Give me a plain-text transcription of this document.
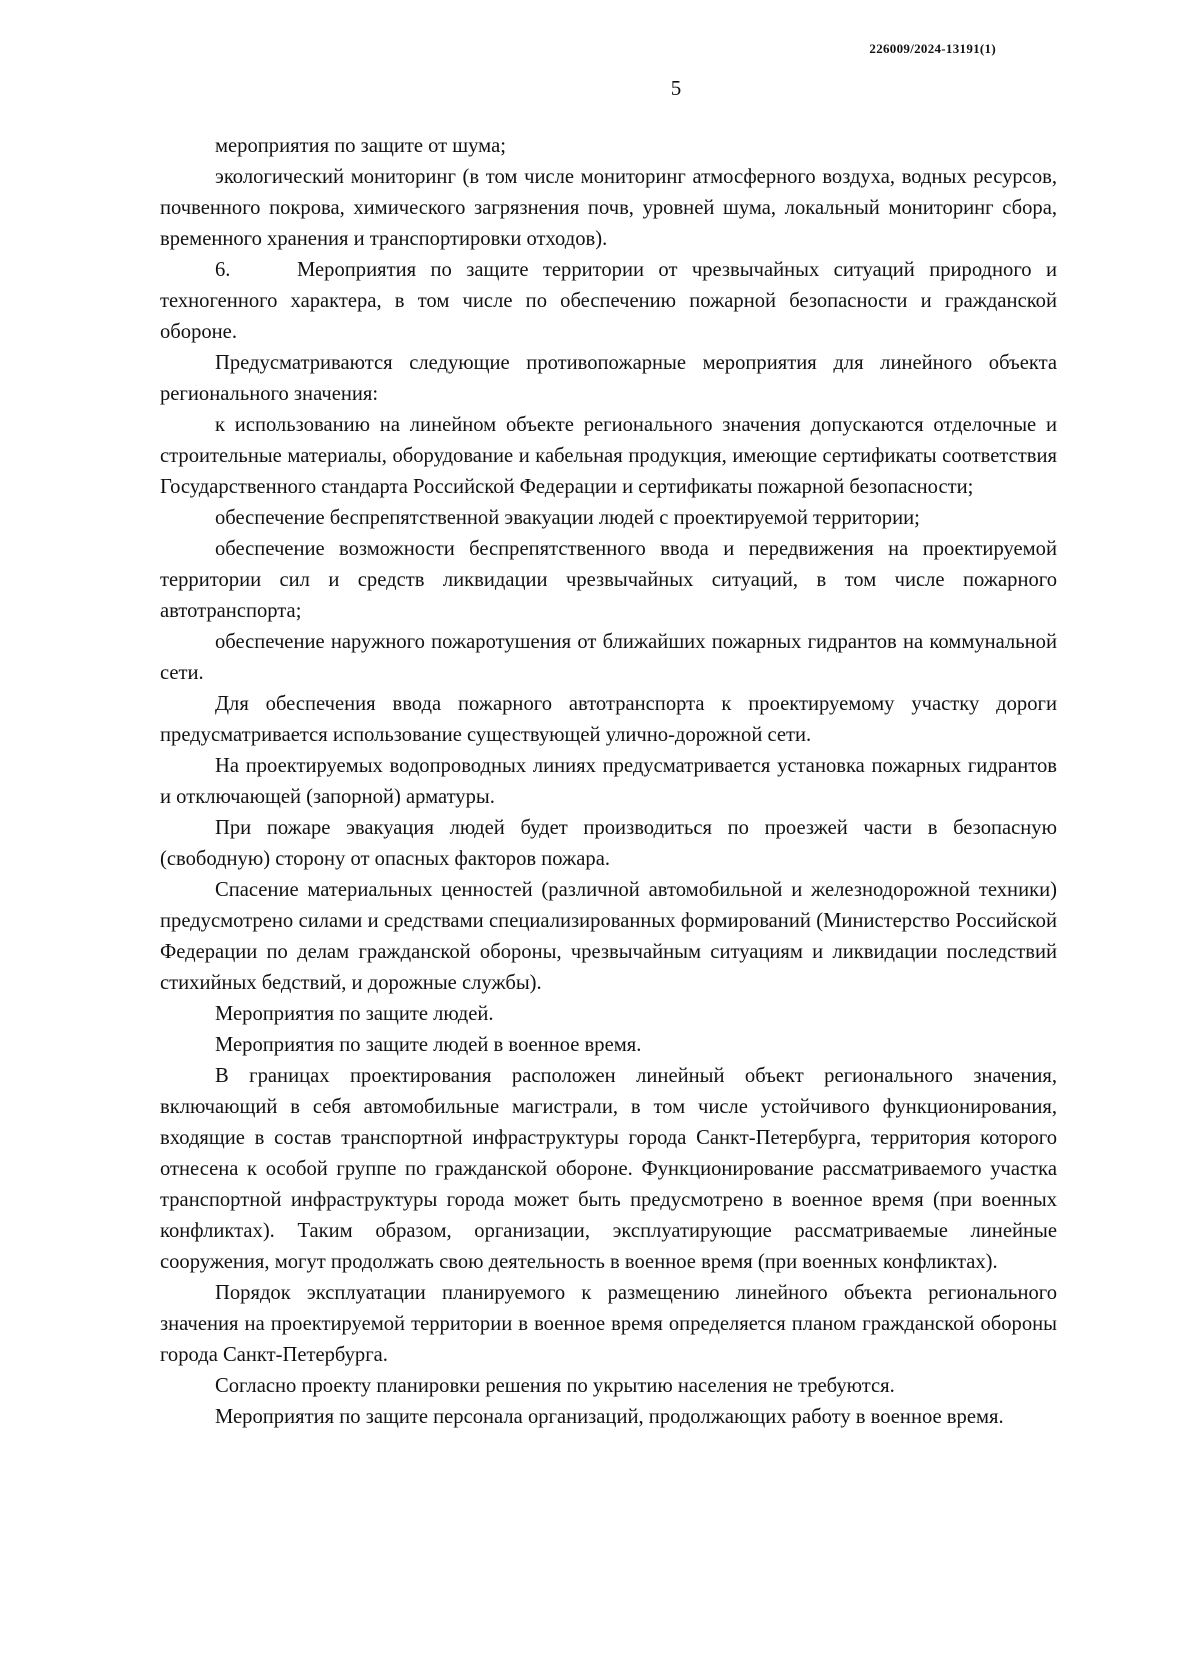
226009/2024-13191(1)
5

мероприятия по защите от шума;

экологический мониторинг (в том числе мониторинг атмосферного воздуха, водных ресурсов, почвенного покрова, химического загрязнения почв, уровней шума, локальный мониторинг сбора, временного хранения и транспортировки отходов).

6.	Мероприятия по защите территории от чрезвычайных ситуаций природного и техногенного характера, в том числе по обеспечению пожарной безопасности и гражданской обороне.

Предусматриваются следующие противопожарные мероприятия для линейного объекта регионального значения:

к использованию на линейном объекте регионального значения допускаются отделочные и строительные материалы, оборудование и кабельная продукция, имеющие сертификаты соответствия Государственного стандарта Российской Федерации и сертификаты пожарной безопасности;

обеспечение беспрепятственной эвакуации людей с проектируемой территории;

обеспечение возможности беспрепятственного ввода и передвижения на проектируемой территории сил и средств ликвидации чрезвычайных ситуаций, в том числе пожарного автотранспорта;

обеспечение наружного пожаротушения от ближайших пожарных гидрантов на коммунальной сети.

Для обеспечения ввода пожарного автотранспорта к проектируемому участку дороги предусматривается использование существующей улично-дорожной сети.

На проектируемых водопроводных линиях предусматривается установка пожарных гидрантов и отключающей (запорной) арматуры.

При пожаре эвакуация людей будет производиться по проезжей части в безопасную (свободную) сторону от опасных факторов пожара.

Спасение материальных ценностей (различной автомобильной и железнодорожной техники) предусмотрено силами и средствами специализированных формирований (Министерство Российской Федерации по делам гражданской обороны, чрезвычайным ситуациям и ликвидации последствий стихийных бедствий, и дорожные службы).

Мероприятия по защите людей.

Мероприятия по защите людей в военное время.

В границах проектирования расположен линейный объект регионального значения, включающий в себя автомобильные магистрали, в том числе устойчивого функционирования, входящие в состав транспортной инфраструктуры города Санкт-Петербурга, территория которого отнесена к особой группе по гражданской обороне. Функционирование рассматриваемого участка транспортной инфраструктуры города может быть предусмотрено в военное время (при военных конфликтах). Таким образом, организации, эксплуатирующие рассматриваемые линейные сооружения, могут продолжать свою деятельность в военное время (при военных конфликтах).

Порядок эксплуатации планируемого к размещению линейного объекта регионального значения на проектируемой территории в военное время определяется планом гражданской обороны города Санкт-Петербурга.

Согласно проекту планировки решения по укрытию населения не требуются.

Мероприятия по защите персонала организаций, продолжающих работу в военное время.
